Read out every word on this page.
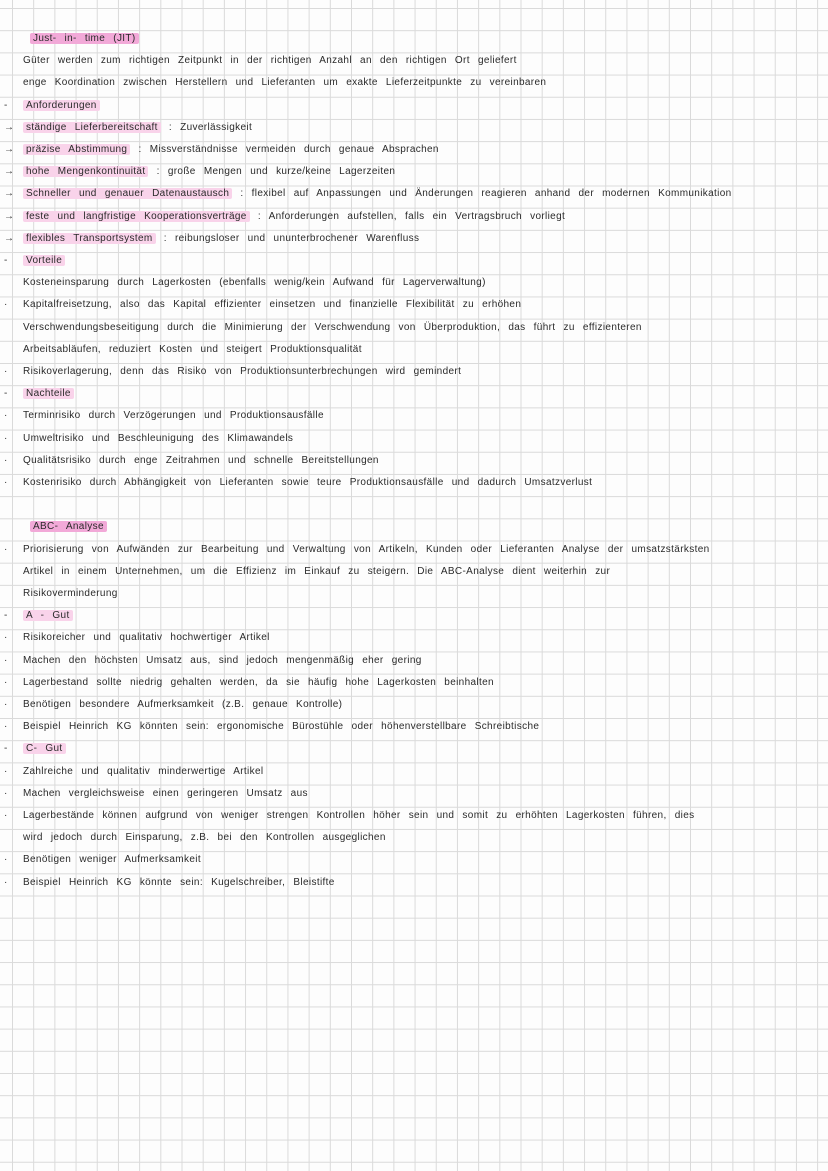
Just- in- time (JIT)
Güter werden zum richtigen Zeitpunkt in der richtigen Anzahl an den richtigen Ort geliefert
enge Koordination zwischen Herstellern und Lieferanten um exakte Lieferzeitpunkte zu vereinbaren
-	Anforderungen
→	ständige Lieferbereitschaft : Zuverlässigkeit
→	präzise Abstimmung : Missverständnisse vermeiden durch genaue Absprachen
→	hohe Mengenkontinuität : große Mengen und kurze/keine Lagerzeiten
→	Schneller und genauer Datenaustausch : flexibel auf Anpassungen und Änderungen reagieren anhand der modernen Kommunikation
→	feste und langfristige Kooperationsverträge : Anforderungen aufstellen, falls ein Vertragsbruch vorliegt
→	flexibles Transportsystem : reibungsloser und ununterbrochener Warenfluss
-	Vorteile
Kosteneinsparung durch Lagerkosten (ebenfalls wenig/kein Aufwand für Lagerverwaltung)
·	Kapitalfreisetzung, also das Kapital effizienter einsetzen und finanzielle Flexibilität zu erhöhen
Verschwendungsbeseitigung durch die Minimierung der Verschwendung von Überproduktion, das führt zu effizienteren
Arbeitsabläufen, reduziert Kosten und steigert Produktionsqualität
·	Risikoverlagerung, denn das Risiko von Produktionsunterbrechungen wird gemindert
-	Nachteile
·	Terminrisiko durch Verzögerungen und Produktionsausfälle
·	Umweltrisiko und Beschleunigung des Klimawandels
·	Qualitätsrisiko durch enge Zeitrahmen und schnelle Bereitstellungen
·	Kostenrisiko durch Abhängigkeit von Lieferanten sowie teure Produktionsausfälle und dadurch Umsatzverlust
ABC- Analyse
·	Priorisierung von Aufwänden zur Bearbeitung und Verwaltung von Artikeln, Kunden oder Lieferanten Analyse der umsatzstärksten
Artikel in einem Unternehmen, um die Effizienz im Einkauf zu steigern. Die ABC-Analyse dient weiterhin zur
Risikoverminderung
-	A - Gut
·	Risikoreicher und qualitativ hochwertiger Artikel
·	Machen den höchsten Umsatz aus, sind jedoch mengenmäßig eher gering
·	Lagerbestand sollte niedrig gehalten werden, da sie häufig hohe Lagerkosten beinhalten
·	Benötigen besondere Aufmerksamkeit (z.B. genaue Kontrolle)
·	Beispiel Heinrich KG könnten sein: ergonomische Bürostühle oder höhenverstellbare Schreibtische
-	C- Gut
·	Zahlreiche und qualitativ minderwertige Artikel
·	Machen vergleichsweise einen geringeren Umsatz aus
·	Lagerbestände können aufgrund von weniger strengen Kontrollen höher sein und somit zu erhöhten Lagerkosten führen, dies
wird jedoch durch Einsparung, z.B. bei den Kontrollen ausgeglichen
·	Benötigen weniger Aufmerksamkeit
·	Beispiel Heinrich KG könnte sein: Kugelschreiber, Bleistifte
